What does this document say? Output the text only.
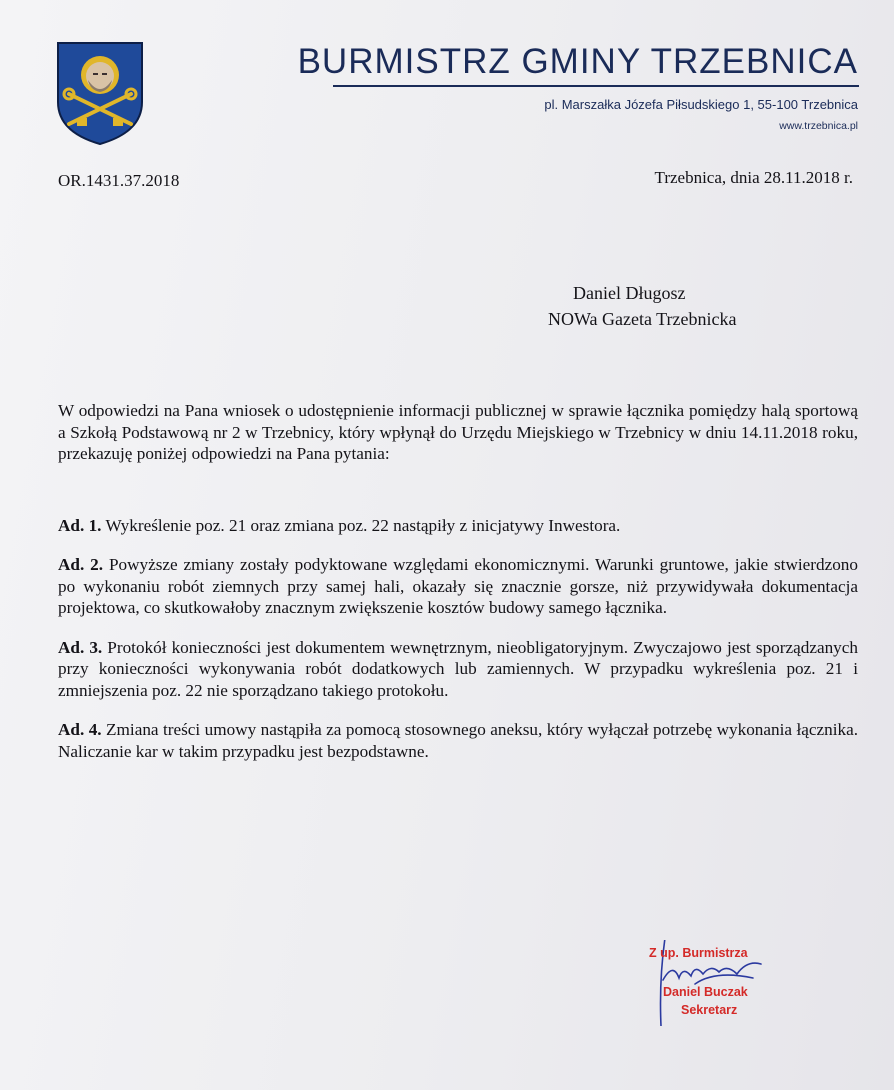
BURMISTRZ GMINY TRZEBNICA
pl. Marszałka Józefa Piłsudskiego 1, 55-100 Trzebnica
www.trzebnica.pl
OR.1431.37.2018	Trzebnica, dnia 28.11.2018 r.
Daniel Długosz
NOWa Gazeta Trzebnicka

W odpowiedzi na Pana wniosek o udostępnienie informacji publicznej w sprawie łącznika pomiędzy halą sportową a Szkołą Podstawową nr 2 w Trzebnicy, który wpłynął do Urzędu Miejskiego w Trzebnicy w dniu 14.11.2018 roku, przekazuję poniżej odpowiedzi na Pana pytania:

Ad. 1. Wykreślenie poz. 21 oraz zmiana poz. 22 nastąpiły z inicjatywy Inwestora.

Ad. 2. Powyższe zmiany zostały podyktowane względami ekonomicznymi. Warunki gruntowe, jakie stwierdzono po wykonaniu robót ziemnych przy samej hali, okazały się znacznie gorsze, niż przywidywała dokumentacja projektowa, co skutkowałoby znacznym zwiększenie kosztów budowy samego łącznika.

Ad. 3. Protokół konieczności jest dokumentem wewnętrznym, nieobligatoryjnym. Zwyczajowo jest sporządzanych przy konieczności wykonywania robót dodatkowych lub zamiennych. W przypadku wykreślenia poz. 21 i zmniejszenia poz. 22 nie sporządzano takiego protokołu.

Ad. 4. Zmiana treści umowy nastąpiła za pomocą stosownego aneksu, który wyłączał potrzebę wykonania łącznika. Naliczanie kar w takim przypadku jest bezpodstawne.

Z up. Burmistrza
Daniel Buczak
Sekretarz
